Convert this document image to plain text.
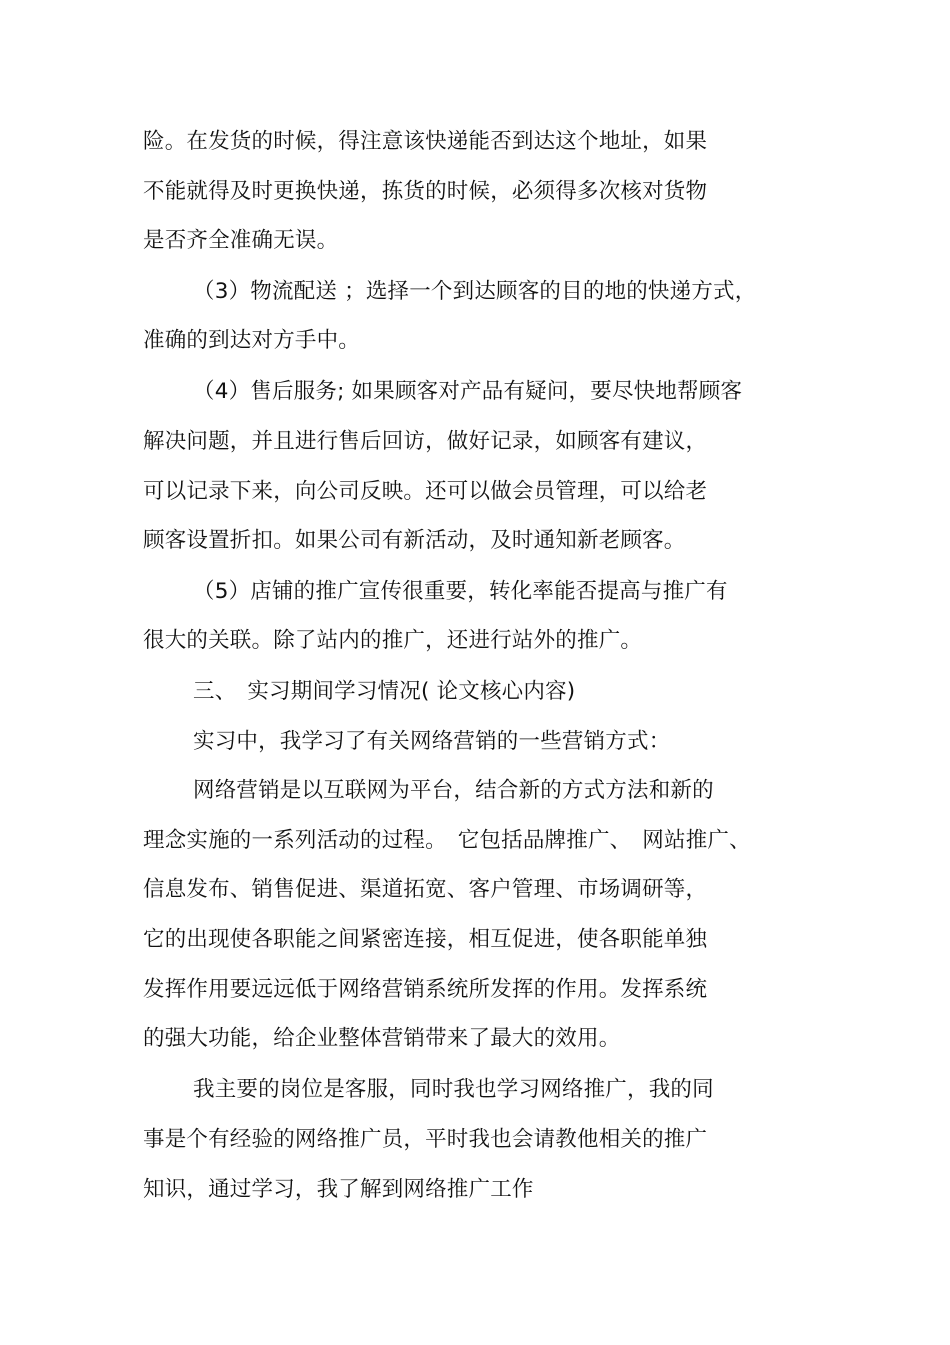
险。在发货的时候，得注意该快递能否到达这个地址，如果
不能就得及时更换快递，拣货的时候，必须得多次核对货物
是否齐全准确无误。
（3）物流配送 ；选择一个到达顾客的目的地的快递方式，
准确的到达对方手中。
（4）售后服务; 如果顾客对产品有疑问，要尽快地帮顾客
解决问题，并且进行售后回访，做好记录，如顾客有建议，
可以记录下来，向公司反映。还可以做会员管理，可以给老
顾客设置折扣。如果公司有新活动，及时通知新老顾客。
（5）店铺的推广宣传很重要，转化率能否提高与推广有
很大的关联。除了站内的推广，还进行站外的推广。
三、　实习期间学习情况( 论文核心内容)
实习中，我学习了有关网络营销的一些营销方式：
网络营销是以互联网为平台，结合新的方式方法和新的
理念实施的一系列活动的过程。　它包括品牌推广、　网站推广、
信息发布、销售促进、渠道拓宽、客户管理、市场调研等，
它的出现使各职能之间紧密连接，相互促进，使各职能单独
发挥作用要远远低于网络营销系统所发挥的作用。发挥系统
的强大功能，给企业整体营销带来了最大的效用。
我主要的岗位是客服，同时我也学习网络推广，我的同
事是个有经验的网络推广员，平时我也会请教他相关的推广
知识，通过学习，我了解到网络推广工作
